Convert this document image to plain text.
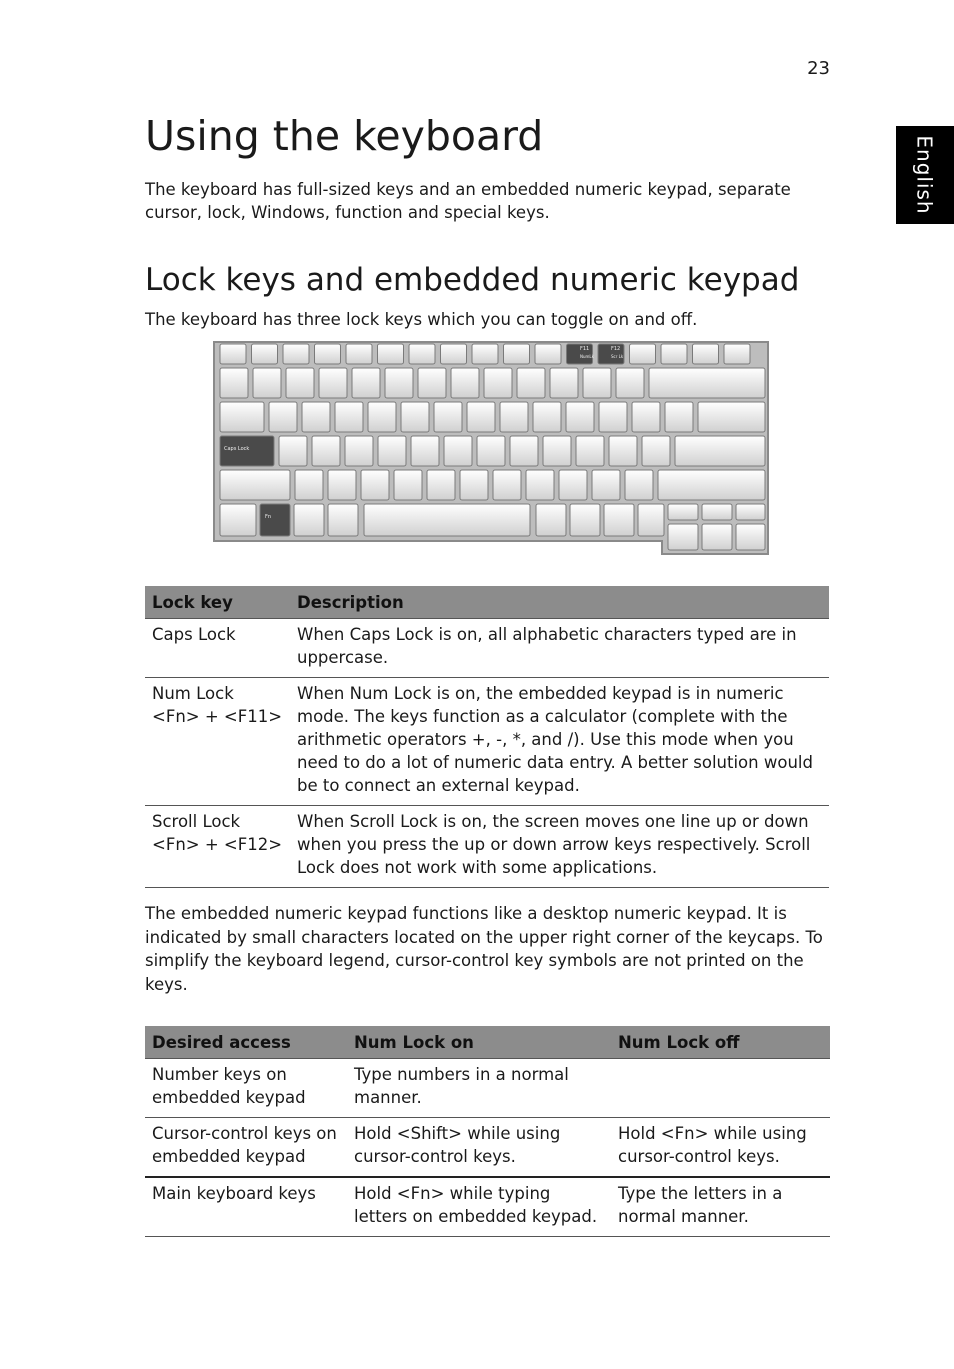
23
English
Using the keyboard

The keyboard has full-sized keys and an embedded numeric keypad, separate cursor, lock, Windows, function and special keys.

Lock keys and embedded numeric keypad

The keyboard has three lock keys which you can toggle on and off.

F11
NumLk
F12
Scr Lk
Caps Lock
Fn
Lock key	Description

Caps Lock	When Caps Lock is on, all alphabetic characters typed are in uppercase.

Num Lock
<Fn> + <F11>	When Num Lock is on, the embedded keypad is in numeric mode. The keys function as a calculator (complete with the arithmetic operators +, -, *, and /). Use this mode when you need to do a lot of numeric data entry. A better solution would be to connect an external keypad.

Scroll Lock
<Fn> + <F12>	When Scroll Lock is on, the screen moves one line up or down when you press the up or down arrow keys respectively. Scroll Lock does not work with some applications.

The embedded numeric keypad functions like a desktop numeric keypad. It is indicated by small characters located on the upper right corner of the keycaps. To simplify the keyboard legend, cursor-control key symbols are not printed on the keys.

Desired access	Num Lock on	Num Lock off
Number keys on embedded keypad	Type numbers in a normal manner.	
Cursor-control keys on embedded keypad	Hold <Shift> while using cursor-control keys.	Hold <Fn> while using cursor-control keys.
Main keyboard keys	Hold <Fn> while typing letters on embedded keypad.	Type the letters in a normal manner.
